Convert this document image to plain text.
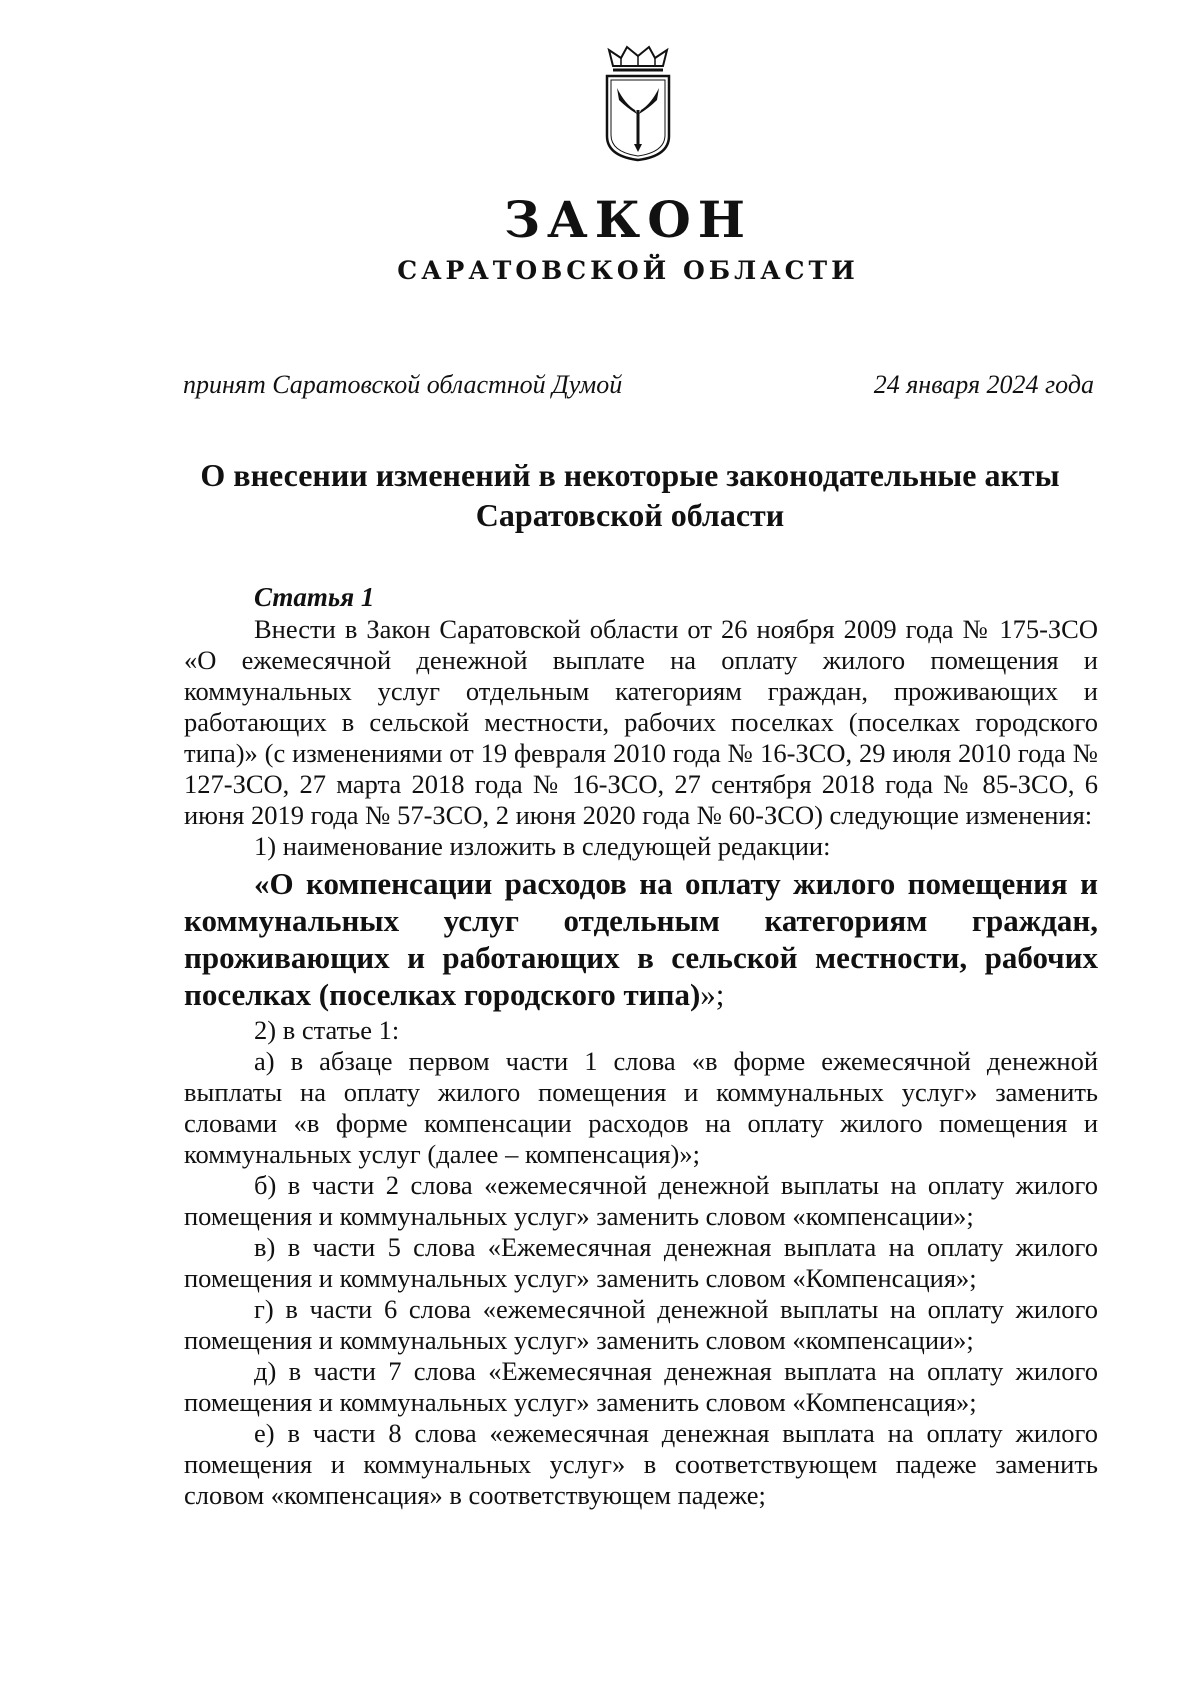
ЗАКОН
САРАТОВСКОЙ ОБЛАСТИ
принят Саратовской областной Думой	24 января 2024 года
О внесении изменений в некоторые законодательные акты Саратовской области
Статья 1

Внести в Закон Саратовской области от 26 ноября 2009 года № 175-ЗСО «О ежемесячной денежной выплате на оплату жилого помещения и коммунальных услуг отдельным категориям граждан, проживающих и работающих в сельской местности, рабочих поселках (поселках городского типа)» (с изменениями от 19 февраля 2010 года № 16-ЗСО, 29 июля 2010 года № 127-ЗСО, 27 марта 2018 года № 16-ЗСО, 27 сентября 2018 года № 85-ЗСО, 6 июня 2019 года № 57-ЗСО, 2 июня 2020 года № 60-ЗСО) следующие изменения:

1) наименование изложить в следующей редакции:

«О компенсации расходов на оплату жилого помещения и коммунальных услуг отдельным категориям граждан, проживающих и работающих в сельской местности, рабочих поселках (поселках городского типа)»;

2) в статье 1:

а) в абзаце первом части 1 слова «в форме ежемесячной денежной выплаты на оплату жилого помещения и коммунальных услуг» заменить словами «в форме компенсации расходов на оплату жилого помещения и коммунальных услуг (далее – компенсация)»;

б) в части 2 слова «ежемесячной денежной выплаты на оплату жилого помещения и коммунальных услуг» заменить словом «компенсации»;

в) в части 5 слова «Ежемесячная денежная выплата на оплату жилого помещения и коммунальных услуг» заменить словом «Компенсация»;

г) в части 6 слова «ежемесячной денежной выплаты на оплату жилого помещения и коммунальных услуг» заменить словом «компенсации»;

д) в части 7 слова «Ежемесячная денежная выплата на оплату жилого помещения и коммунальных услуг» заменить словом «Компенсация»;

е) в части 8 слова «ежемесячная денежная выплата на оплату жилого помещения и коммунальных услуг» в соответствующем падеже заменить словом «компенсация» в соответствующем падеже;
